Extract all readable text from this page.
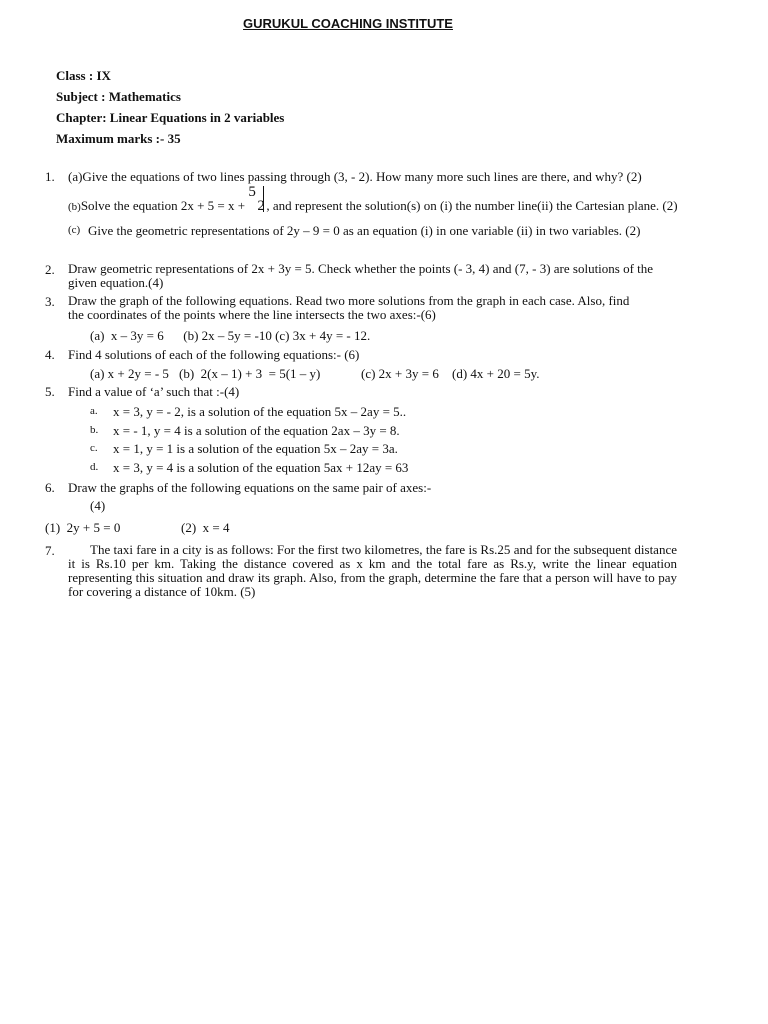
GURUKUL COACHING INSTITUTE
Class : IX
Subject : Mathematics
Chapter: Linear Equations in 2 variables
Maximum marks :- 35
1. (a)Give the equations of two lines passing through (3, - 2). How many more such lines are there, and why? (2)
(b)Solve the equation 2x + 5 = x +
5
2 , and represent the solution(s) on (i) the number line(ii) the Cartesian plane. (2)
(c) Give the geometric representations of 2y – 9 = 0 as an equation (i) in one variable (ii) in two variables. (2)
2. Draw geometric representations of 2x + 3y = 5. Check whether the points (- 3, 4) and (7, - 3) are solutions of the given equation.(4)
3. Draw the graph of the following equations. Read two more solutions from the graph in each case. Also, find the coordinates of the points where the line intersects the two axes:-(6)
(a)  x – 3y = 6      (b) 2x – 5y = -10 (c) 3x + 4y = - 12.
4. Find 4 solutions of each of the following equations:- (6)
(a) x + 2y = - 5 (b)  2(x – 1) + 3  = 5(1 – y)	(c) 2x + 3y = 6 (d) 4x + 20 = 5y.
5. Find a value of ‘a’ such that :-(4)
a. x = 3, y = - 2, is a solution of the equation 5x – 2ay = 5..
b. x = - 1, y = 4 is a solution of the equation 2ax – 3y = 8.
c. x = 1, y = 1 is a solution of the equation 5x – 2ay = 3a.
d. x = 3, y = 4 is a solution of the equation 5ax + 12ay = 63
6. Draw the graphs of the following equations on the same pair of axes:-
(4)
(1)  2y + 5 = 0	(2)  x = 4
7.	The taxi fare in a city is as follows: For the first two kilometres, the fare is Rs.25 and for the subsequent distance it is Rs.10 per km. Taking the distance covered as x km and the total fare as Rs.y, write the linear equation representing this situation and draw its graph. Also, from the graph, determine the fare that a person will have to pay for covering a distance of 10km. (5)
